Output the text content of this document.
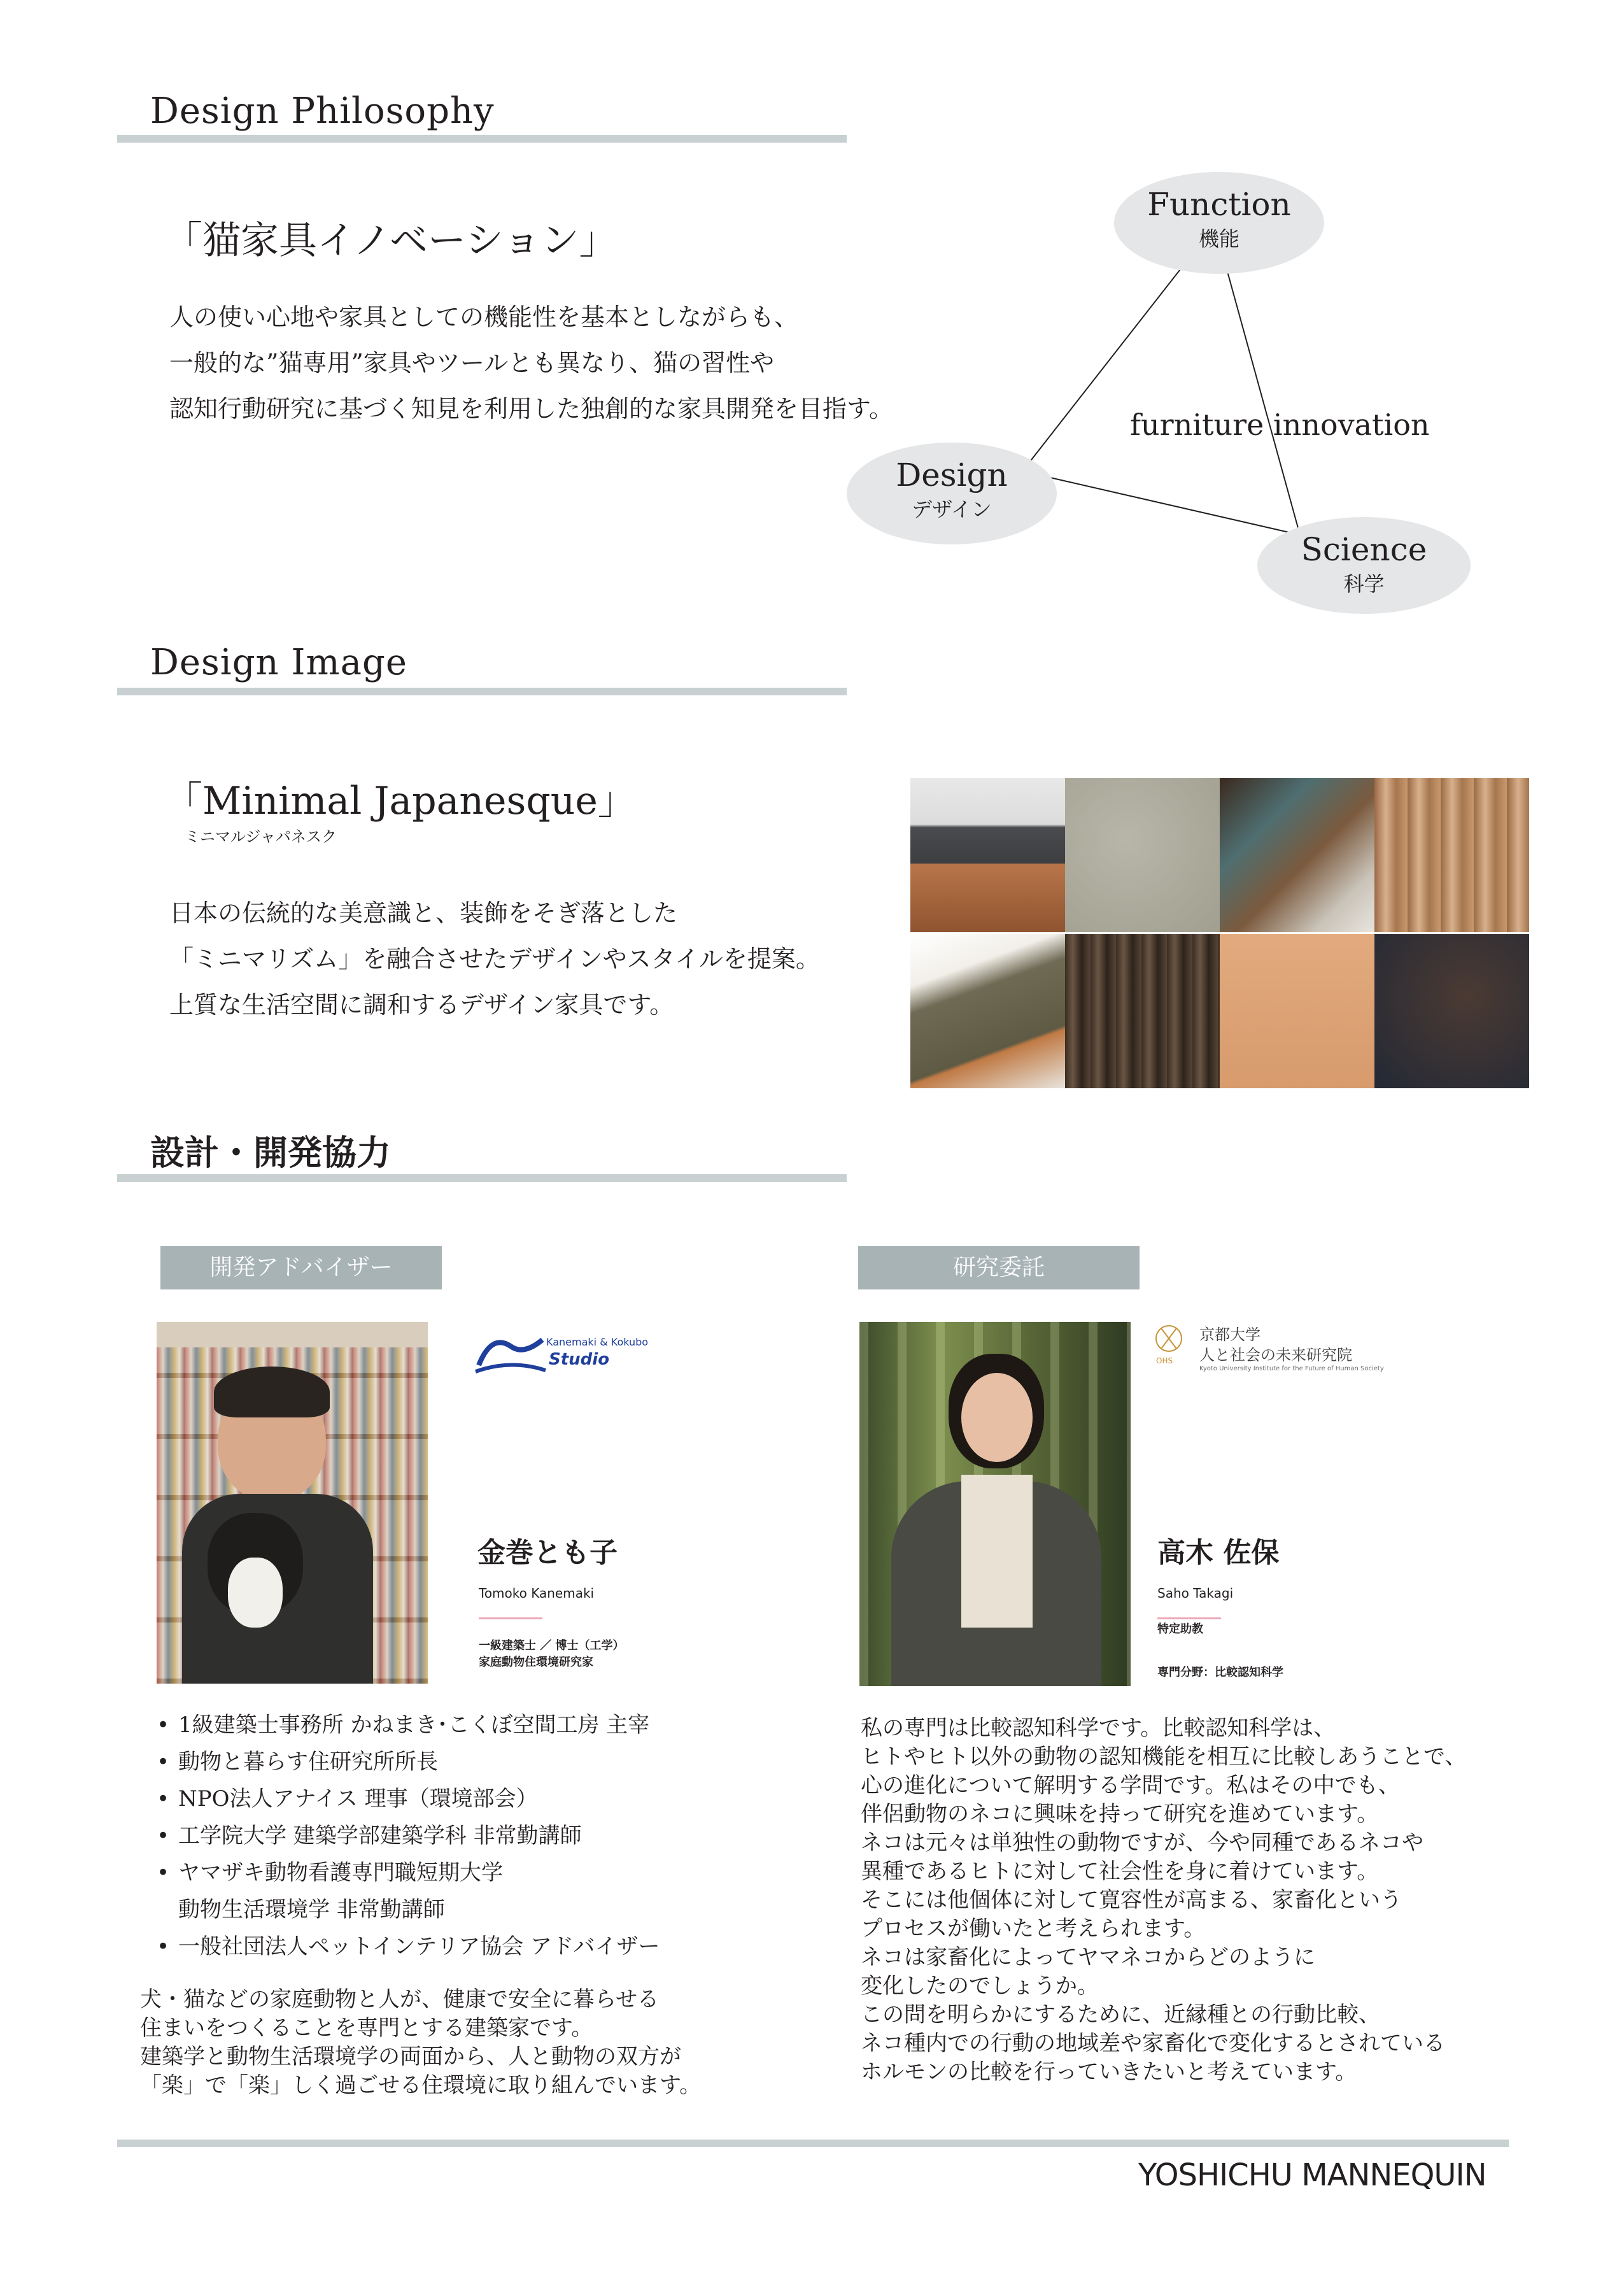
Design Philosophy
「猫家具イノベーション」
人の使い心地や家具としての機能性を基本としながらも、
一般的な”猫専用”家具やツールとも異なり、猫の習性や
認知行動研究に基づく知見を利用した独創的な家具開発を目指す。
Function
機能
Design
デザイン
Science
科学
furniture innovation
Design Image
「Minimal Japanesque」
ミニマルジャパネスク
日本の伝統的な美意識と、装飾をそぎ落とした
「ミニマリズム」を融合させたデザインやスタイルを提案。
上質な生活空間に調和するデザイン家具です。
設計・開発協力
開発アドバイザー
Kanemaki & Kokubo
Studio
金巻とも子
Tomoko Kanemaki
一級建築士 ／ 博士（工学）
家庭動物住環境研究家
• 1級建築士事務所 かねまき･こくぼ空間工房 主宰
• 動物と暮らす住研究所所長
• NPO法人アナイス 理事（環境部会）
• 工学院大学 建築学部建築学科 非常勤講師
• ヤマザキ動物看護専門職短期大学
動物生活環境学 非常勤講師
• 一般社団法人ペットインテリア協会 アドバイザー
犬・猫などの家庭動物と人が、健康で安全に暮らせる
住まいをつくることを専門とする建築家です。
建築学と動物生活環境学の両面から、人と動物の双方が
「楽」で「楽」しく過ごせる住環境に取り組んでいます。
研究委託
OHS
京都大学
人と社会の未来研究院
Kyoto University Institute for the Future of Human Society
高木 佐保
Saho Takagi
特定助教
専門分野：比較認知科学
私の専門は比較認知科学です。比較認知科学は、
ヒトやヒト以外の動物の認知機能を相互に比較しあうことで、
心の進化について解明する学問です。私はその中でも、
伴侶動物のネコに興味を持って研究を進めています。
ネコは元々は単独性の動物ですが、今や同種であるネコや
異種であるヒトに対して社会性を身に着けています。
そこには他個体に対して寛容性が高まる、家畜化という
プロセスが働いたと考えられます。
ネコは家畜化によってヤマネコからどのように
変化したのでしょうか。
この問を明らかにするために、近縁種との行動比較、
ネコ種内での行動の地域差や家畜化で変化するとされている
ホルモンの比較を行っていきたいと考えています。
YOSHICHU MANNEQUIN
